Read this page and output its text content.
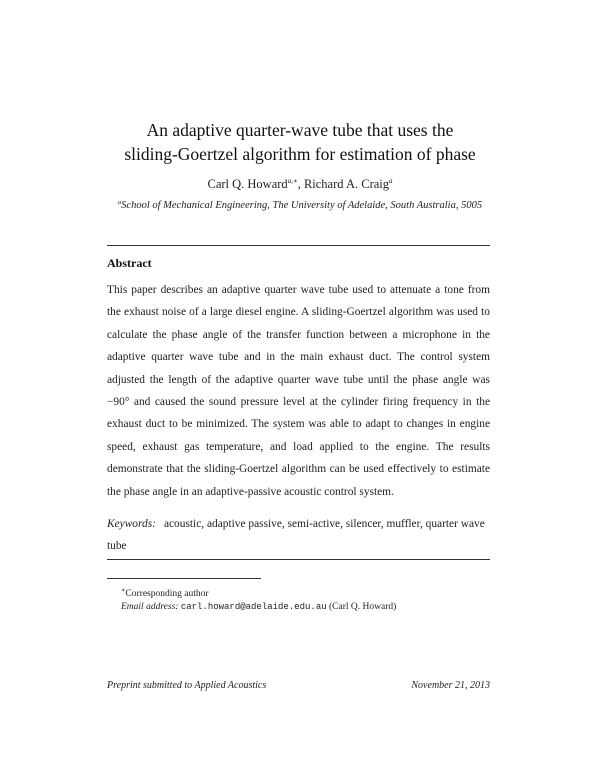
An adaptive quarter-wave tube that uses the
sliding-Goertzel algorithm for estimation of phase
Carl Q. Howard$^{a,∗}$, Richard A. Craig$^a$
$^a$School of Mechanical Engineering, The University of Adelaide, South Australia, 5005
Abstract

This paper describes an adaptive quarter wave tube used to attenuate a tone from the exhaust noise of a large diesel engine. A sliding-Goertzel algorithm was used to calculate the phase angle of the transfer function between a microphone in the adaptive quarter wave tube and in the main exhaust duct. The control system adjusted the length of the adaptive quarter wave tube until the phase angle was −90° and caused the sound pressure level at the cylinder firing frequency in the exhaust duct to be minimized. The system was able to adapt to changes in engine speed, exhaust gas temperature, and load applied to the engine. The results demonstrate that the sliding-Goertzel algorithm can be used effectively to estimate the phase angle in an adaptive-passive acoustic control system.

Keywords: acoustic, adaptive passive, semi-active, silencer, muffler, quarter wave tube
∗Corresponding author
Email address: carl.howard@adelaide.edu.au (Carl Q. Howard)
Preprint submitted to Applied Acoustics	November 21, 2013
